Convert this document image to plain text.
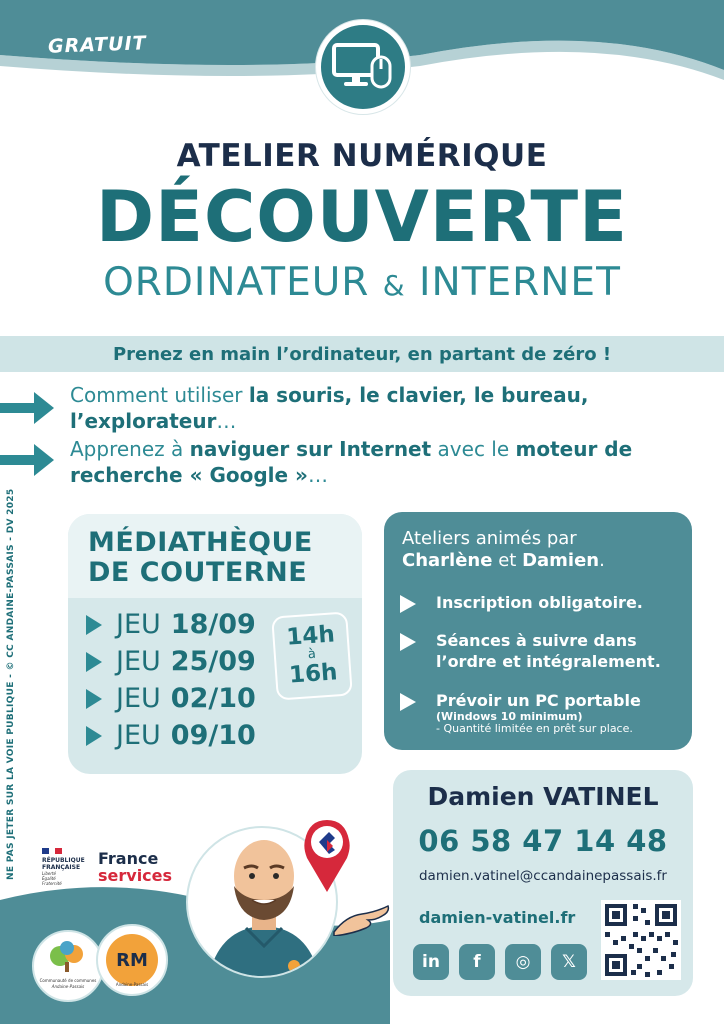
GRATUIT
ATELIER NUMÉRIQUE
DÉCOUVERTE
ORDINATEUR & INTERNET
Prenez en main l’ordinateur, en partant de zéro !
Comment utiliser la souris, le clavier, le bureau, l’explorateur…
Apprenez à naviguer sur Internet avec le moteur de recherche « Google »…
MÉDIATHÈQUE
DE COUTERNE
JEU 18/09
JEU 25/09
JEU 02/10
JEU 09/10
14h
à
16h
Ateliers animés par
Charlène et Damien.
Inscription obligatoire.
Séances à suivre dans l’ordre et intégralement.
Prévoir un PC portable
(Windows 10 minimum)
- Quantité limitée en prêt sur place.
NE PAS JETER SUR LA VOIE PUBLIQUE - © CC ANDAINE-PASSAIS - DV 2025	RÉPUBLIQUE
FRANÇAISE
Liberté
Égalité
Fraternité
France
services
Communauté de communes
Andaine-Passais
RM
Andaine-Passais
Damien VATINEL
06 58 47 14 48
damien.vatinel@ccandainepassais.fr
damien-vatinel.fr
in	f	◎	𝕏
